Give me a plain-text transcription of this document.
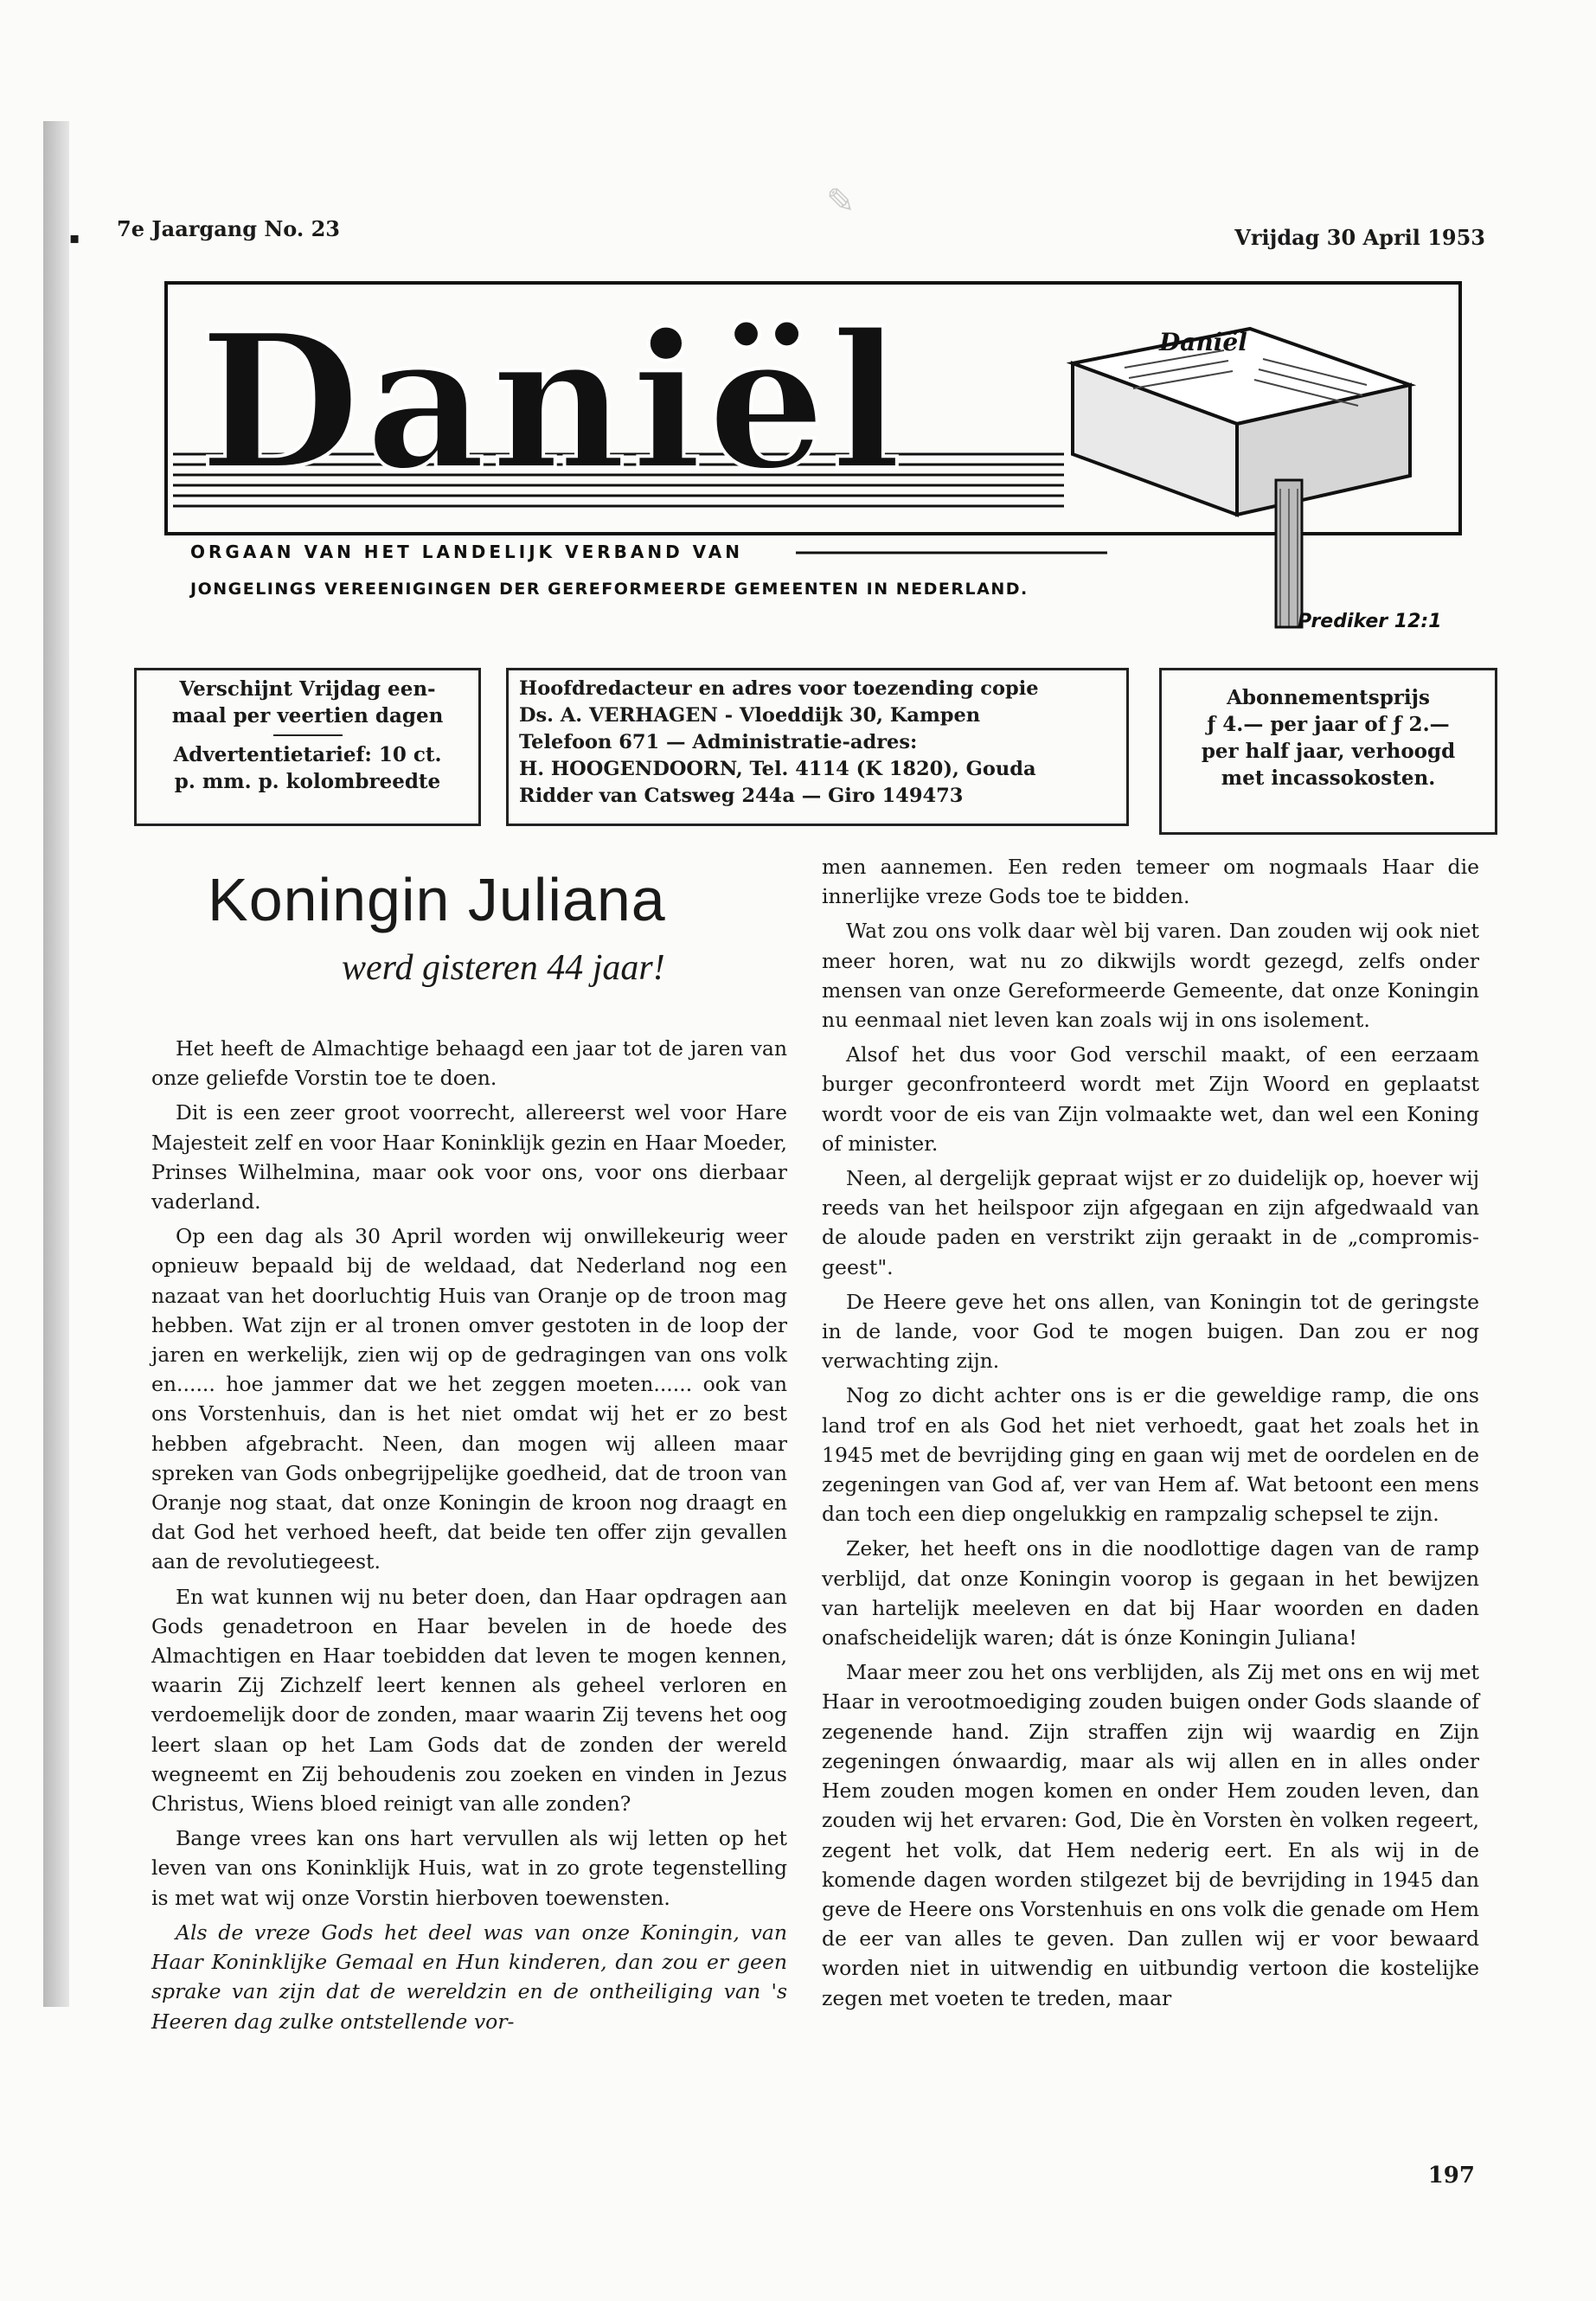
▪
✎
7e Jaargang No. 23	Vrijdag 30 April 1953
Daniël	Daniël
ORGAAN VAN HET LANDELIJK VERBAND VAN
JONGELINGS VEREENIGINGEN DER GEREFORMEERDE GEMEENTEN IN NEDERLAND.
Prediker 12:1

Verschijnt Vrijdag een-

maal per veertien dagen

Advertentietarief: 10 ct.

p. mm. p. kolombreedte

Hoofdredacteur en adres voor toezending copie

Ds. A. VERHAGEN - Vloeddijk 30, Kampen

Telefoon 671 — Administratie-adres:

H. HOOGENDOORN, Tel. 4114 (K 1820), Gouda

Ridder van Catsweg 244a — Giro 149473

Abonnementsprijs

ƒ 4.— per jaar of ƒ 2.—

per half jaar, verhoogd

met incassokosten.

Koningin Juliana
werd gisteren 44 jaar!

Het heeft de Almachtige behaagd een jaar tot de jaren van onze geliefde Vorstin toe te doen.

Dit is een zeer groot voorrecht, allereerst wel voor Hare Majesteit zelf en voor Haar Koninklijk gezin en Haar Moeder, Prinses Wilhelmina, maar ook voor ons, voor ons dierbaar vaderland.

Op een dag als 30 April worden wij onwillekeurig weer opnieuw bepaald bij de weldaad, dat Nederland nog een nazaat van het doorluchtig Huis van Oranje op de troon mag hebben. Wat zijn er al tronen omver gestoten in de loop der jaren en werkelijk, zien wij op de gedragingen van ons volk en...... hoe jammer dat we het zeggen moeten...... ook van ons Vorstenhuis, dan is het niet omdat wij het er zo best hebben afgebracht. Neen, dan mogen wij alleen maar spreken van Gods onbegrijpelijke goedheid, dat de troon van Oranje nog staat, dat onze Koningin de kroon nog draagt en dat God het verhoed heeft, dat beide ten offer zijn gevallen aan de revolutiegeest.

En wat kunnen wij nu beter doen, dan Haar opdragen aan Gods genadetroon en Haar bevelen in de hoede des Almachtigen en Haar toebidden dat leven te mogen kennen, waarin Zij Zichzelf leert kennen als geheel verloren en verdoemelijk door de zonden, maar waarin Zij tevens het oog leert slaan op het Lam Gods dat de zonden der wereld wegneemt en Zij behoudenis zou zoeken en vinden in Jezus Christus, Wiens bloed reinigt van alle zonden?

Bange vrees kan ons hart vervullen als wij letten op het leven van ons Koninklijk Huis, wat in zo grote tegenstelling is met wat wij onze Vorstin hierboven toewensten.

Als de vreze Gods het deel was van onze Koningin, van Haar Koninklijke Gemaal en Hun kinderen, dan zou er geen sprake van zijn dat de wereldzin en de ontheiliging van 's Heeren dag zulke ontstellende vor-

men aannemen. Een reden temeer om nogmaals Haar die innerlijke vreze Gods toe te bidden.

Wat zou ons volk daar wèl bij varen. Dan zouden wij ook niet meer horen, wat nu zo dikwijls wordt gezegd, zelfs onder mensen van onze Gereformeerde Gemeente, dat onze Koningin nu eenmaal niet leven kan zoals wij in ons isolement.

Alsof het dus voor God verschil maakt, of een eerzaam burger geconfronteerd wordt met Zijn Woord en geplaatst wordt voor de eis van Zijn volmaakte wet, dan wel een Koning of minister.

Neen, al dergelijk gepraat wijst er zo duidelijk op, hoever wij reeds van het heilspoor zijn afgegaan en zijn afgedwaald van de aloude paden en verstrikt zijn geraakt in de „compromis-geest".

De Heere geve het ons allen, van Koningin tot de geringste in de lande, voor God te mogen buigen. Dan zou er nog verwachting zijn.

Nog zo dicht achter ons is er die geweldige ramp, die ons land trof en als God het niet verhoedt, gaat het zoals het in 1945 met de bevrijding ging en gaan wij met de oordelen en de zegeningen van God af, ver van Hem af. Wat betoont een mens dan toch een diep ongelukkig en rampzalig schepsel te zijn.

Zeker, het heeft ons in die noodlottige dagen van de ramp verblijd, dat onze Koningin voorop is gegaan in het bewijzen van hartelijk meeleven en dat bij Haar woorden en daden onafscheidelijk waren; dát is ónze Koningin Juliana!

Maar meer zou het ons verblijden, als Zij met ons en wij met Haar in verootmoediging zouden buigen onder Gods slaande of zegenende hand. Zijn straffen zijn wij waardig en Zijn zegeningen ónwaardig, maar als wij allen en in alles onder Hem zouden mogen komen en onder Hem zouden leven, dan zouden wij het ervaren: God, Die èn Vorsten èn volken regeert, zegent het volk, dat Hem nederig eert. En als wij in de komende dagen worden stilgezet bij de bevrijding in 1945 dan geve de Heere ons Vorstenhuis en ons volk die genade om Hem de eer van alles te geven. Dan zullen wij er voor bewaard worden niet in uitwendig en uitbundig vertoon die kostelijke zegen met voeten te treden, maar

197
